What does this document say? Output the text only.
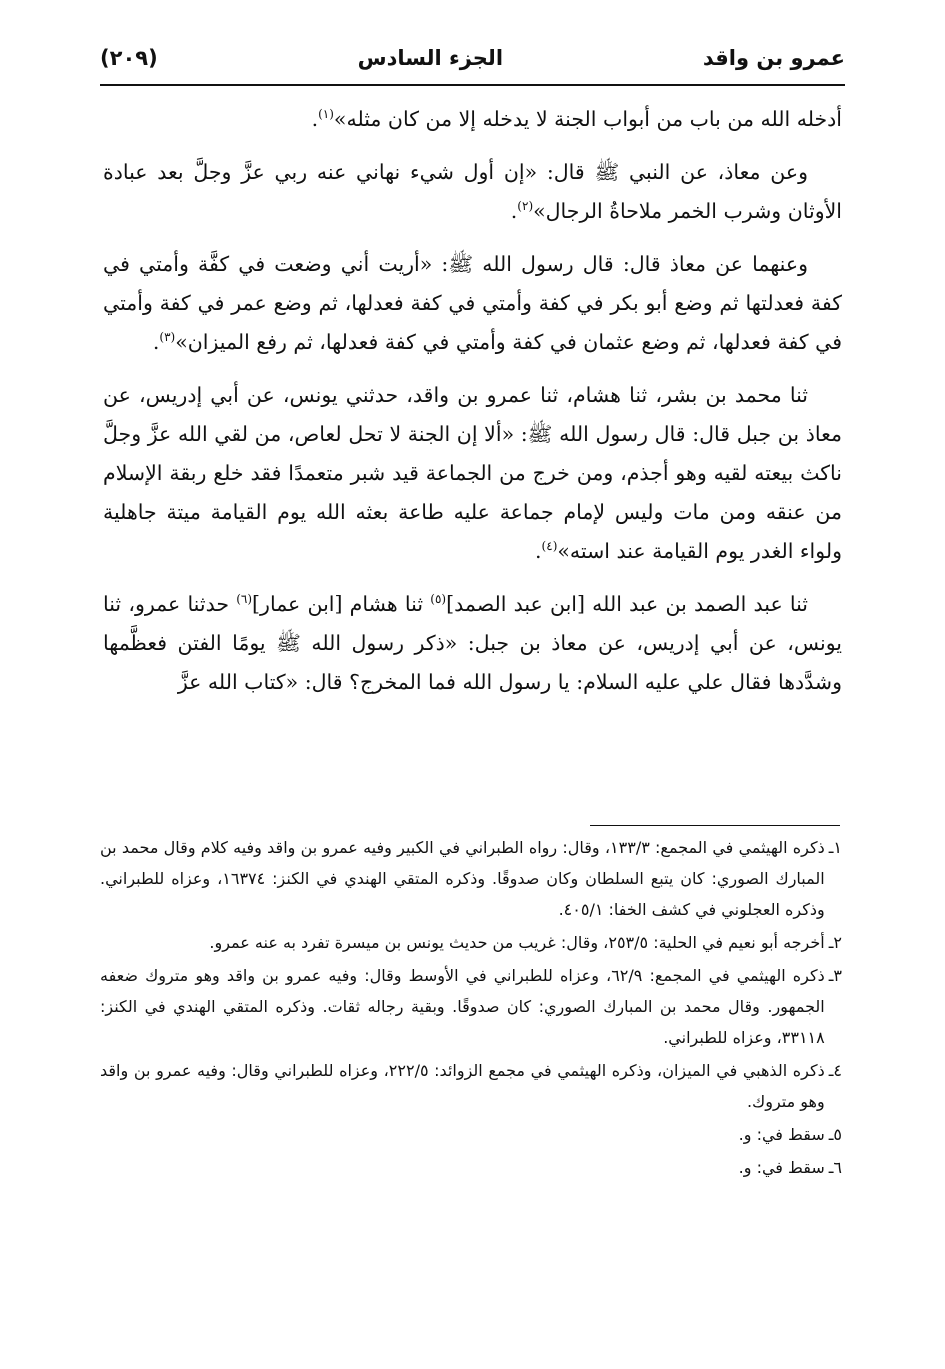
عمرو بن واقد
الجزء السادس
(٢٠٩)

أدخله الله من باب من أبواب الجنة لا يدخله إلا من كان مثله»$^{(١)}$.

وعن معاذ، عن النبي ﷺ قال: «إن أول شيء نهاني عنه ربي عزَّ وجلَّ بعد عبادة الأوثان وشرب الخمر ملاحاةُ الرجال»$^{(٢)}$.

وعنهما عن معاذ قال: قال رسول الله ﷺ: «أريت أني وضعت في كفَّة وأمتي في كفة فعدلتها ثم وضع أبو بكر في كفة وأمتي في كفة فعدلها، ثم وضع عمر في كفة وأمتي في كفة فعدلها، ثم وضع عثمان في كفة وأمتي في كفة فعدلها، ثم رفع الميزان»$^{(٣)}$.

ثنا محمد بن بشر، ثنا هشام، ثنا عمرو بن واقد، حدثني يونس، عن أبي إدريس، عن معاذ بن جبل قال: قال رسول الله ﷺ: «ألا إن الجنة لا تحل لعاص، من لقي الله عزَّ وجلَّ ناكث بيعته لقيه وهو أجذم، ومن خرج من الجماعة قيد شبر متعمدًا فقد خلع ربقة الإسلام من عنقه ومن مات وليس لإمام جماعة عليه طاعة بعثه الله يوم القيامة ميتة جاهلية ولواء الغدر يوم القيامة عند استه»$^{(٤)}$.

ثنا عبد الصمد بن عبد الله [ابن عبد الصمد]$^{(٥)}$ ثنا هشام [ابن عمار]$^{(٦)}$ حدثنا عمرو، ثنا يونس، عن أبي إدريس، عن معاذ بن جبل: «ذكر رسول الله ﷺ يومًا الفتن فعظَّمها وشدَّدها فقال علي عليه السلام: يا رسول الله فما المخرج؟ قال: «كتاب الله عزَّ

١ـ
ذكره الهيثمي في المجمع: ١٣٣/٣، وقال: رواه الطبراني في الكبير وفيه عمرو بن واقد وفيه كلام وقال محمد بن المبارك الصوري: كان يتبع السلطان وكان صدوقًا. وذكره المتقي الهندي في الكنز: ١٦٣٧٤، وعزاه للطبراني. وذكره العجلوني في كشف الخفا: ٤٠٥/١.
٢ـ
أخرجه أبو نعيم في الحلية: ٢٥٣/٥، وقال: غريب من حديث يونس بن ميسرة تفرد به عنه عمرو.
٣ـ
ذكره الهيثمي في المجمع: ٦٢/٩، وعزاه للطبراني في الأوسط وقال: وفيه عمرو بن واقد وهو متروك ضعفه الجمهور. وقال محمد بن المبارك الصوري: كان صدوقًا. وبقية رجاله ثقات. وذكره المتقي الهندي في الكنز: ٣٣١١٨، وعزاه للطبراني.
٤ـ
ذكره الذهبي في الميزان، وذكره الهيثمي في مجمع الزوائد: ٢٢٢/٥، وعزاه للطبراني وقال: وفيه عمرو بن واقد وهو متروك.
٥ـ
سقط في: و.
٦ـ
سقط في: و.
